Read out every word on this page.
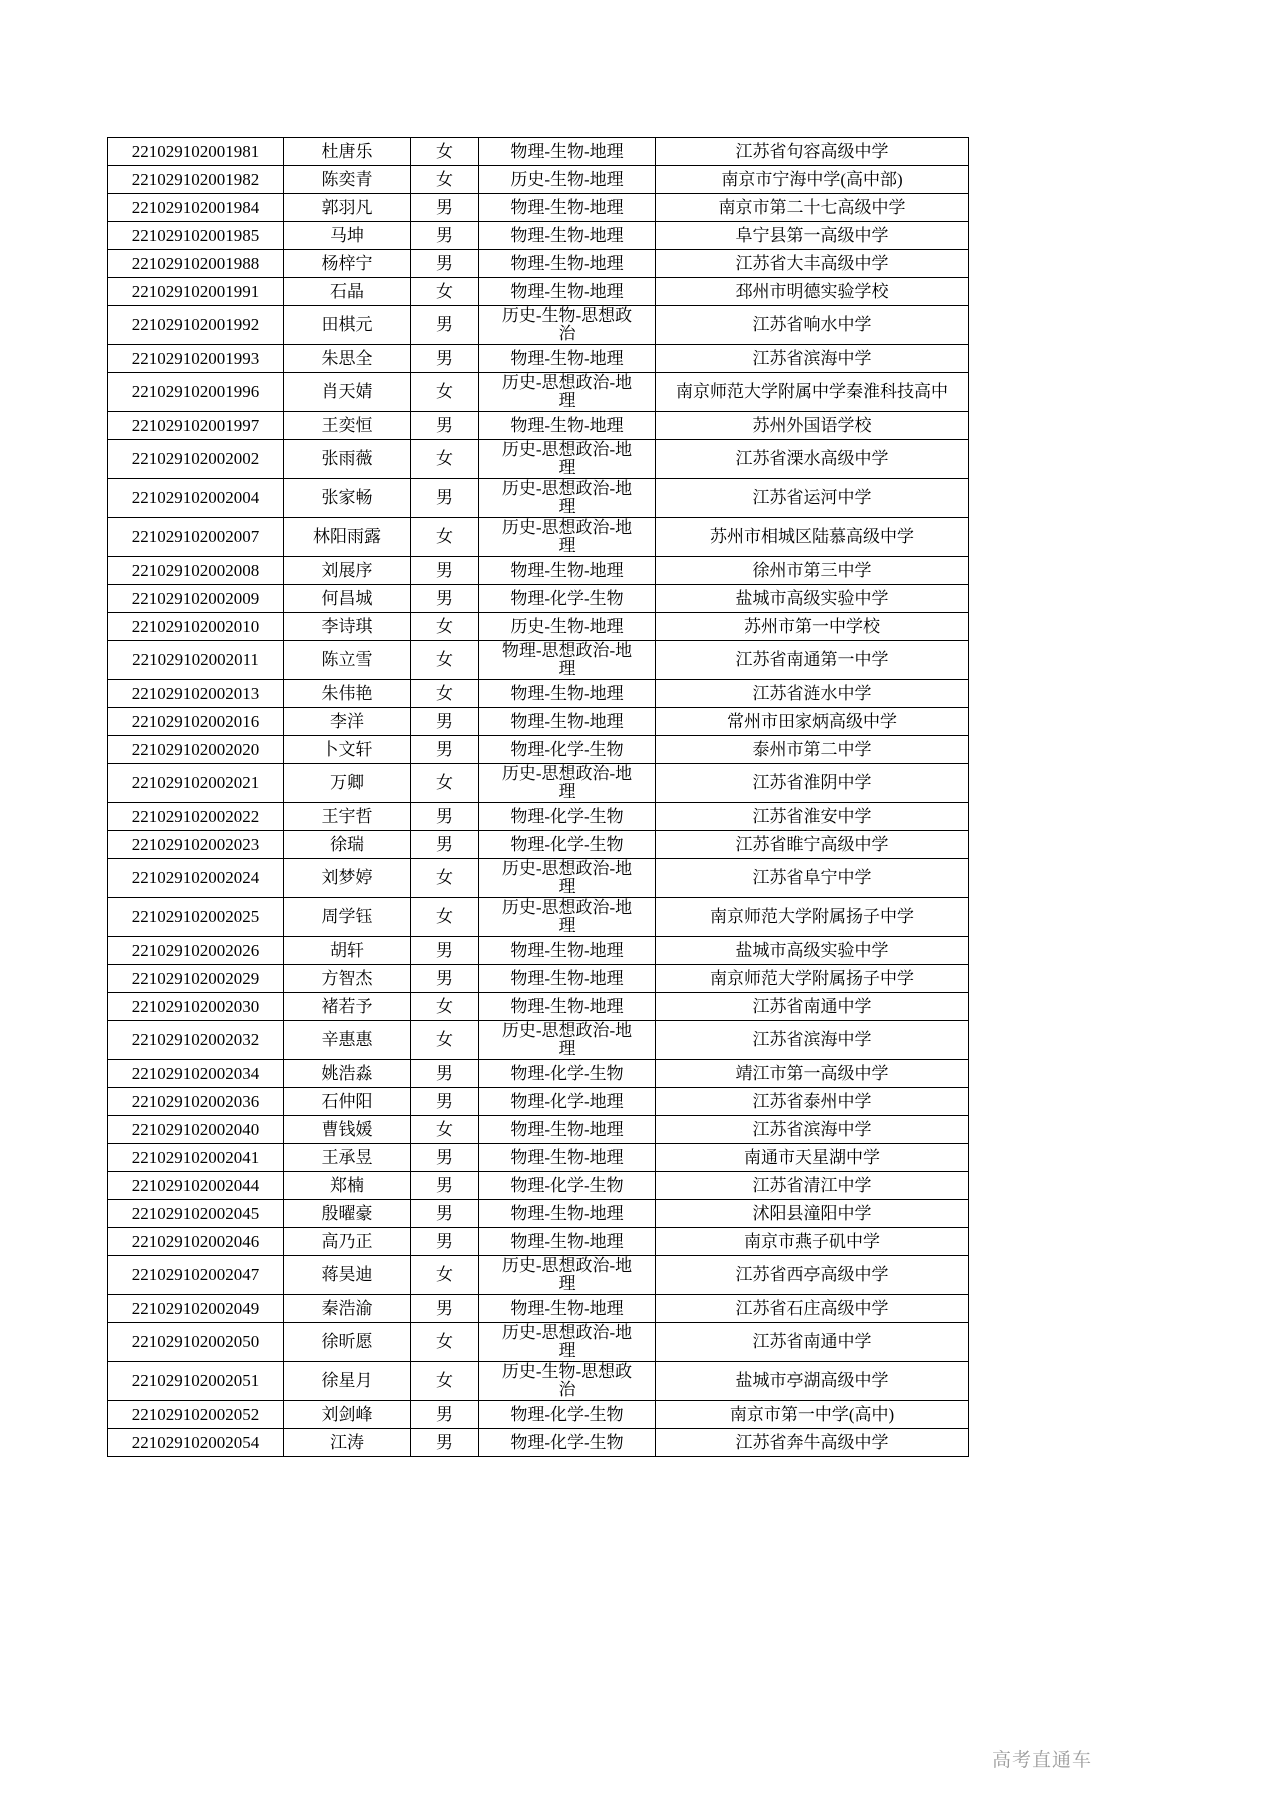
221029102001981	杜唐乐	女	物理-生物-地理	江苏省句容高级中学
221029102001982	陈奕青	女	历史-生物-地理	南京市宁海中学(高中部)
221029102001984	郭羽凡	男	物理-生物-地理	南京市第二十七高级中学
221029102001985	马坤	男	物理-生物-地理	阜宁县第一高级中学
221029102001988	杨梓宁	男	物理-生物-地理	江苏省大丰高级中学
221029102001991	石晶	女	物理-生物-地理	邳州市明德实验学校
221029102001992	田棋元	男	历史-生物-思想政治	江苏省响水中学
221029102001993	朱思全	男	物理-生物-地理	江苏省滨海中学
221029102001996	肖天婧	女	历史-思想政治-地理	南京师范大学附属中学秦淮科技高中
221029102001997	王奕恒	男	物理-生物-地理	苏州外国语学校
221029102002002	张雨薇	女	历史-思想政治-地理	江苏省溧水高级中学
221029102002004	张家畅	男	历史-思想政治-地理	江苏省运河中学
221029102002007	林阳雨露	女	历史-思想政治-地理	苏州市相城区陆慕高级中学
221029102002008	刘展序	男	物理-生物-地理	徐州市第三中学
221029102002009	何昌城	男	物理-化学-生物	盐城市高级实验中学
221029102002010	李诗琪	女	历史-生物-地理	苏州市第一中学校
221029102002011	陈立雪	女	物理-思想政治-地理	江苏省南通第一中学
221029102002013	朱伟艳	女	物理-生物-地理	江苏省涟水中学
221029102002016	李洋	男	物理-生物-地理	常州市田家炳高级中学
221029102002020	卜文轩	男	物理-化学-生物	泰州市第二中学
221029102002021	万卿	女	历史-思想政治-地理	江苏省淮阴中学
221029102002022	王宇哲	男	物理-化学-生物	江苏省淮安中学
221029102002023	徐瑞	男	物理-化学-生物	江苏省睢宁高级中学
221029102002024	刘梦婷	女	历史-思想政治-地理	江苏省阜宁中学
221029102002025	周学钰	女	历史-思想政治-地理	南京师范大学附属扬子中学
221029102002026	胡轩	男	物理-生物-地理	盐城市高级实验中学
221029102002029	方智杰	男	物理-生物-地理	南京师范大学附属扬子中学
221029102002030	褚若予	女	物理-生物-地理	江苏省南通中学
221029102002032	辛惠惠	女	历史-思想政治-地理	江苏省滨海中学
221029102002034	姚浩淼	男	物理-化学-生物	靖江市第一高级中学
221029102002036	石仲阳	男	物理-化学-地理	江苏省泰州中学
221029102002040	曹钱媛	女	物理-生物-地理	江苏省滨海中学
221029102002041	王承昱	男	物理-生物-地理	南通市天星湖中学
221029102002044	郑楠	男	物理-化学-生物	江苏省清江中学
221029102002045	殷曜豪	男	物理-生物-地理	沭阳县潼阳中学
221029102002046	高乃正	男	物理-生物-地理	南京市燕子矶中学
221029102002047	蒋昊迪	女	历史-思想政治-地理	江苏省西亭高级中学
221029102002049	秦浩渝	男	物理-生物-地理	江苏省石庄高级中学
221029102002050	徐昕愿	女	历史-思想政治-地理	江苏省南通中学
221029102002051	徐星月	女	历史-生物-思想政治	盐城市亭湖高级中学
221029102002052	刘剑峰	男	物理-化学-生物	南京市第一中学(高中)
221029102002054	江涛	男	物理-化学-生物	江苏省奔牛高级中学
高考直通车
